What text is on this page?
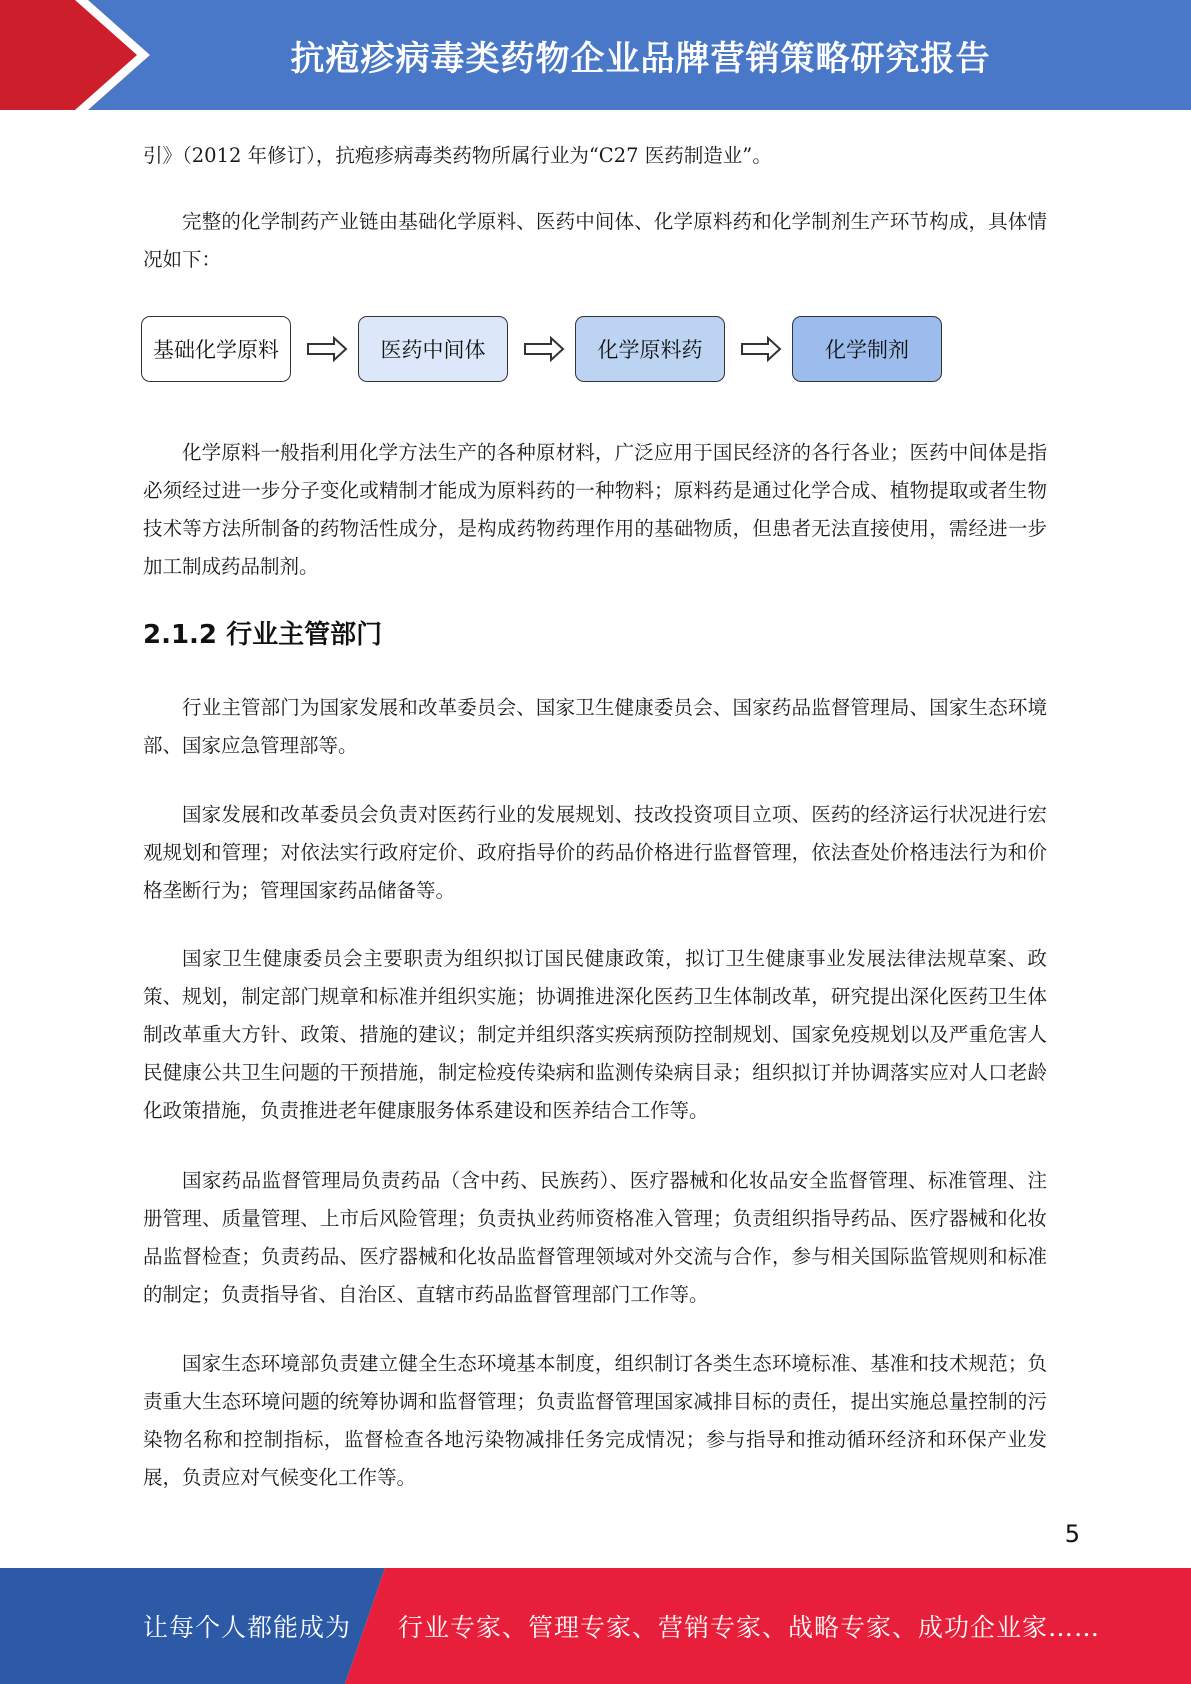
抗疱疹病毒类药物企业品牌营销策略研究报告

引》（2012 年修订），抗疱疹病毒类药物所属行业为“C27 医药制造业”。

完整的化学制药产业链由基础化学原料、医药中间体、化学原料药和化学制剂生产环节构成，具体情况如下：

化学原料一般指利用化学方法生产的各种原材料，广泛应用于国民经济的各行各业；医药中间体是指必须经过进一步分子变化或精制才能成为原料药的一种物料；原料药是通过化学合成、植物提取或者生物技术等方法所制备的药物活性成分，是构成药物药理作用的基础物质，但患者无法直接使用，需经进一步加工制成药品制剂。

2.1.2 行业主管部门

行业主管部门为国家发展和改革委员会、国家卫生健康委员会、国家药品监督管理局、国家生态环境部、国家应急管理部等。

国家发展和改革委员会负责对医药行业的发展规划、技改投资项目立项、医药的经济运行状况进行宏观规划和管理；对依法实行政府定价、政府指导价的药品价格进行监督管理，依法查处价格违法行为和价格垄断行为；管理国家药品储备等。

国家卫生健康委员会主要职责为组织拟订国民健康政策，拟订卫生健康事业发展法律法规草案、政策、规划，制定部门规章和标准并组织实施；协调推进深化医药卫生体制改革，研究提出深化医药卫生体制改革重大方针、政策、措施的建议；制定并组织落实疾病预防控制规划、国家免疫规划以及严重危害人民健康公共卫生问题的干预措施，制定检疫传染病和监测传染病目录；组织拟订并协调落实应对人口老龄化政策措施，负责推进老年健康服务体系建设和医养结合工作等。

国家药品监督管理局负责药品（含中药、民族药）、医疗器械和化妆品安全监督管理、标准管理、注册管理、质量管理、上市后风险管理；负责执业药师资格准入管理；负责组织指导药品、医疗器械和化妆品监督检查；负责药品、医疗器械和化妆品监督管理领域对外交流与合作，参与相关国际监管规则和标准的制定；负责指导省、自治区、直辖市药品监督管理部门工作等。

国家生态环境部负责建立健全生态环境基本制度，组织制订各类生态环境标准、基准和技术规范；负责重大生态环境问题的统筹协调和监督管理；负责监督管理国家减排目标的责任，提出实施总量控制的污染物名称和控制指标，监督检查各地污染物减排任务完成情况；参与指导和推动循环经济和环保产业发展，负责应对气候变化工作等。

基础化学原料	医药中间体	化学原料药	化学制剂
5
让每个人都能成为 行业专家、管理专家、营销专家、战略专家、成功企业家……
